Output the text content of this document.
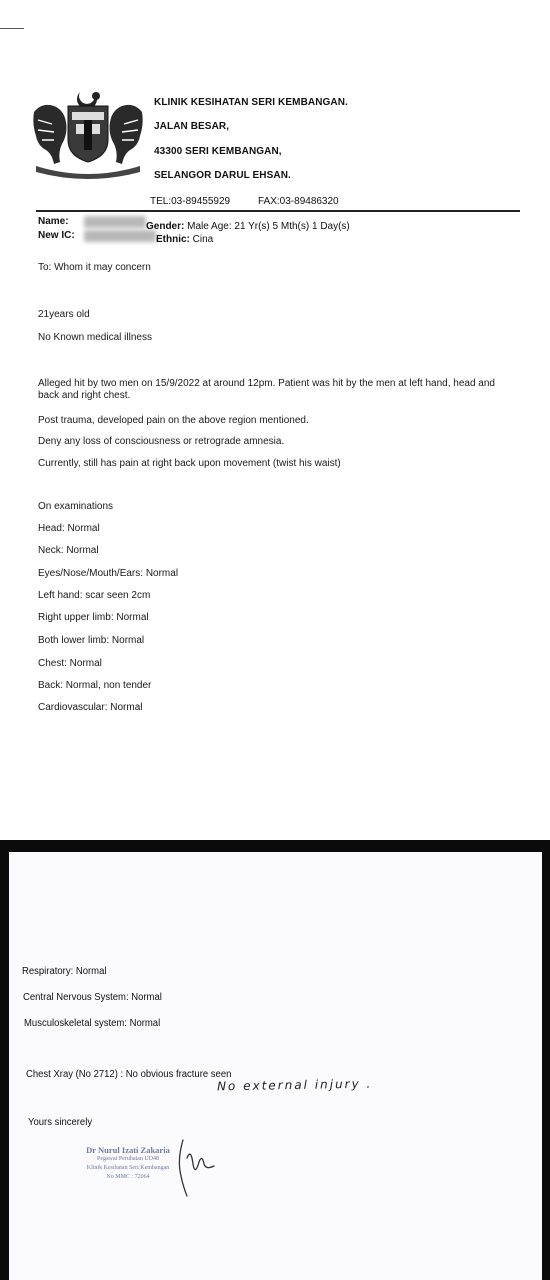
KLINIK KESIHATAN SERI KEMBANGAN.
JALAN BESAR,
43300 SERI KEMBANGAN,
SELANGOR DARUL EHSAN.
TEL:03-89455929	FAX:03-89486320
Name:
New IC:
Gender: Male Age: 21 Yr(s) 5 Mth(s) 1 Day(s)
Ethnic: Cina
To: Whom it may concern
21years old
No Known medical illness
Alleged hit by two men on 15/9/2022 at around 12pm. Patient was hit by the men at left hand, head and back and right chest.
Post trauma, developed pain on the above region mentioned.
Deny any loss of consciousness or retrograde amnesia.
Currently, still has pain at right back upon movement (twist his waist)
On examinations
Head: Normal
Neck: Normal
Eyes/Nose/Mouth/Ears: Normal
Left hand: scar seen 2cm
Right upper limb: Normal
Both lower limb: Normal
Chest: Normal
Back: Normal, non tender
Cardiovascular: Normal
Respiratory: Normal
Central Nervous System: Normal
Musculoskeletal system: Normal
Chest Xray (No 2712) : No obvious fracture seen
No external injury .
Yours sincerely
Dr Nurul Izati Zakaria
Pegawai Perubatan UD48
Klinik Kesihatan Seri Kembangan
No MMC : 72064
